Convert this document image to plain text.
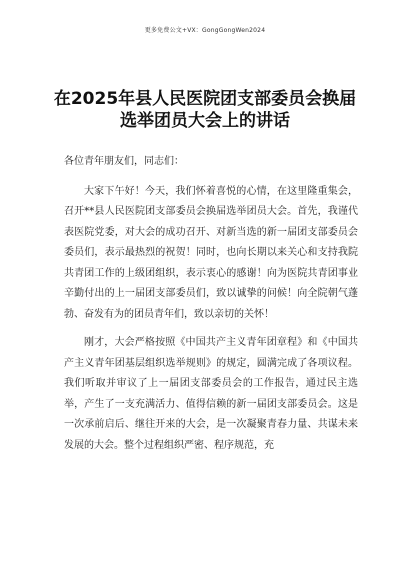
更多免费公文+VX：GongGongWen2024
在2025年县人民医院团支部委员会换届
选举团员大会上的讲话

各位青年朋友们，同志们：

大家下午好！今天，我们怀着喜悦的心情，在这里隆重集会，召开**县人民医院团支部委员会换届选举团员大会。首先，我谨代表医院党委，对大会的成功召开、对新当选的新一届团支部委员会委员们，表示最热烈的祝贺！同时，也向长期以来关心和支持我院共青团工作的上级团组织，表示衷心的感谢！向为医院共青团事业辛勤付出的上一届团支部委员们，致以诚挚的问候！向全院朝气蓬勃、奋发有为的团员青年们，致以亲切的关怀！

刚才，大会严格按照《中国共产主义青年团章程》和《中国共产主义青年团基层组织选举规则》的规定，圆满完成了各项议程。我们听取并审议了上一届团支部委员会的工作报告，通过民主选举，产生了一支充满活力、值得信赖的新一届团支部委员会。这是一次承前启后、继往开来的大会，是一次凝聚青春力量、共谋未来发展的大会。整个过程组织严密、程序规范，充
